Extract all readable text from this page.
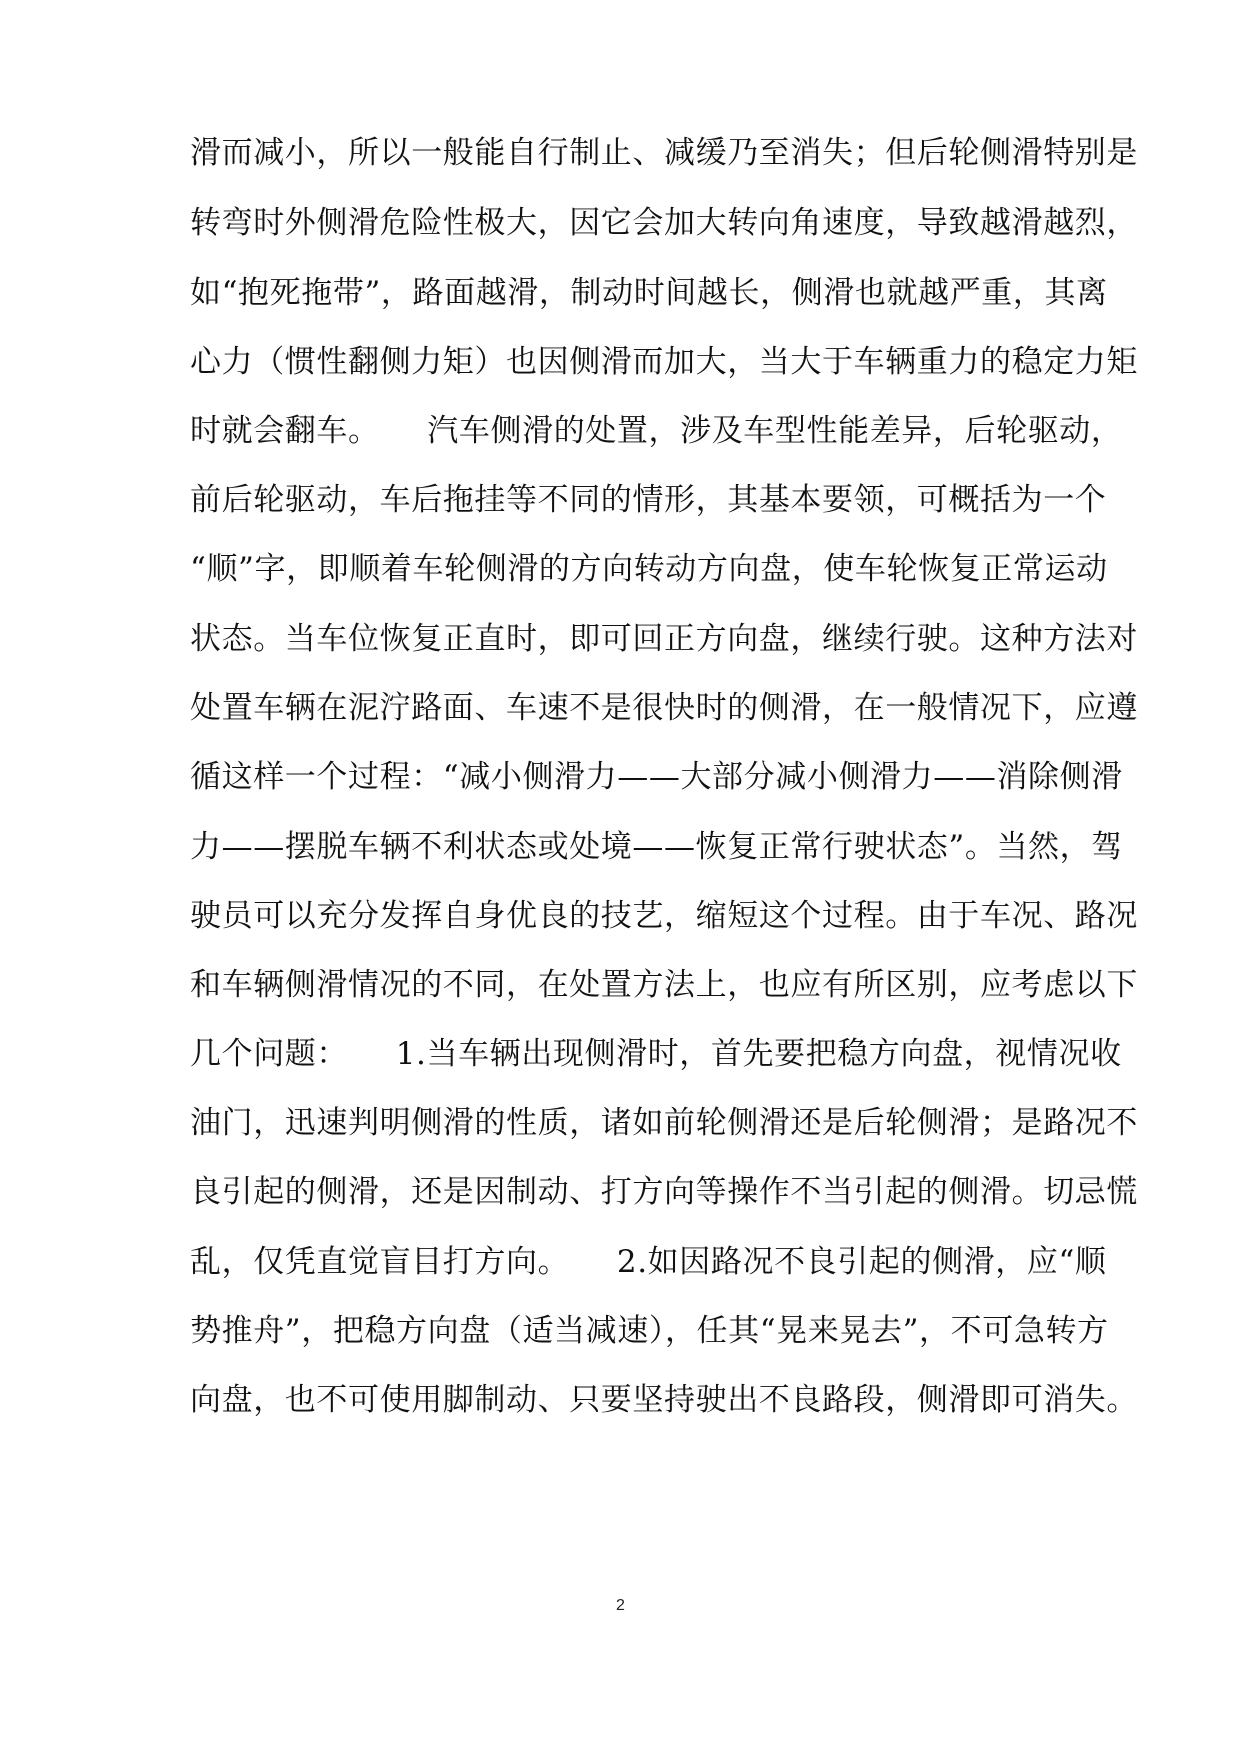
滑而减小，所以一般能自行制止、减缓乃至消失；但后轮侧滑特别是
转弯时外侧滑危险性极大，因它会加大转向角速度，导致越滑越烈，
如“抱死拖带”，路面越滑，制动时间越长，侧滑也就越严重，其离
心力（惯性翻侧力矩）也因侧滑而加大，当大于车辆重力的稳定力矩
时就会翻车。　　汽车侧滑的处置，涉及车型性能差异，后轮驱动，
前后轮驱动，车后拖挂等不同的情形，其基本要领，可概括为一个
“顺”字，即顺着车轮侧滑的方向转动方向盘，使车轮恢复正常运动
状态。当车位恢复正直时，即可回正方向盘，继续行驶。这种方法对
处置车辆在泥泞路面、车速不是很快时的侧滑，在一般情况下，应遵
循这样一个过程：“减小侧滑力——大部分减小侧滑力——消除侧滑
力——摆脱车辆不利状态或处境——恢复正常行驶状态”。当然，驾
驶员可以充分发挥自身优良的技艺，缩短这个过程。由于车况、路况
和车辆侧滑情况的不同，在处置方法上，也应有所区别，应考虑以下
几个问题：　　1.当车辆出现侧滑时，首先要把稳方向盘，视情况收
油门，迅速判明侧滑的性质，诸如前轮侧滑还是后轮侧滑；是路况不
良引起的侧滑，还是因制动、打方向等操作不当引起的侧滑。切忌慌
乱，仅凭直觉盲目打方向。　　2.如因路况不良引起的侧滑，应“顺
势推舟”，把稳方向盘（适当减速），任其“晃来晃去”，不可急转方
向盘，也不可使用脚制动、只要坚持驶出不良路段，侧滑即可消失。
2
